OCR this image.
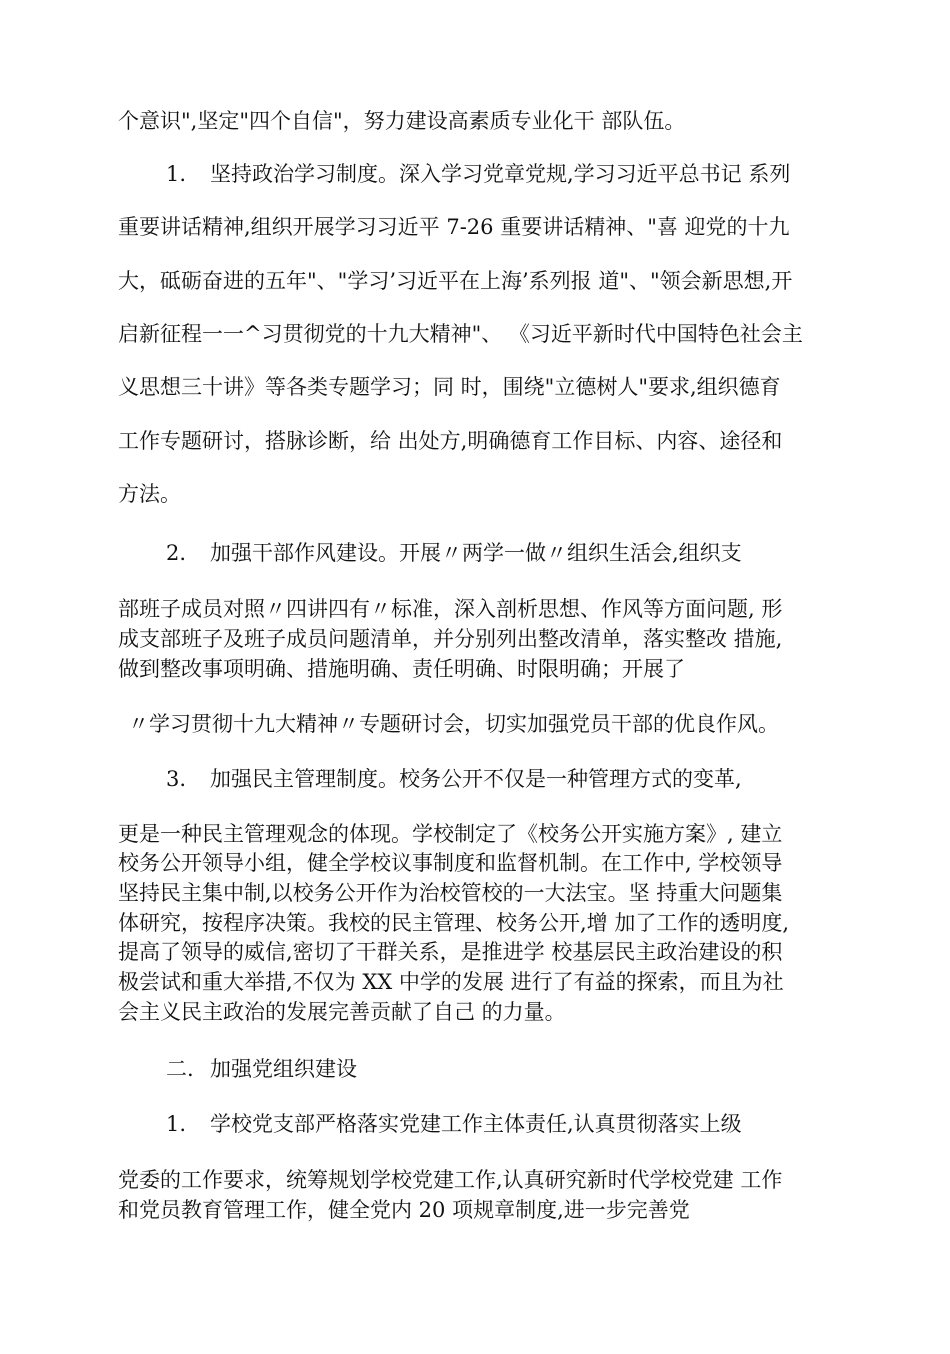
个意识",坚定"四个自信"，努力建设高素质专业化干 部队伍。
1. 坚持政治学习制度。深入学习党章党规,学习习近平总书记 系列
重要讲话精神,组织开展学习习近平 7-26 重要讲话精神、"喜 迎党的十九
大，砥砺奋进的五年"、"学习’习近平在上海’系列报 道"、"领会新思想,开
启新征程一一^习贯彻党的十九大精神"、 《习近平新时代中国特色社会主
义思想三十讲》等各类专题学习；同 时，围绕"立德树人"要求,组织德育
工作专题研讨，搭脉诊断，给 出处方,明确德育工作目标、内容、途径和
方法。
2. 加强干部作风建设。开展〃两学一做〃组织生活会,组织支
部班子成员对照〃四讲四有〃标准，深入剖析思想、作风等方面问题, 形
成支部班子及班子成员问题清单，并分别列出整改清单，落实整改 措施,
做到整改事项明确、措施明确、责任明确、时限明确；开展了
〃学习贯彻十九大精神〃专题研讨会，切实加强党员干部的优良作风。
3. 加强民主管理制度。校务公开不仅是一种管理方式的变革,
更是一种民主管理观念的体现。学校制定了《校务公开实施方案》, 建立
校务公开领导小组，健全学校议事制度和监督机制。在工作中, 学校领导
坚持民主集中制,以校务公开作为治校管校的一大法宝。坚 持重大问题集
体研究，按程序决策。我校的民主管理、校务公开,增 加了工作的透明度,
提高了领导的威信,密切了干群关系，是推进学 校基层民主政治建设的积
极尝试和重大举措,不仅为 XX 中学的发展 进行了有益的探索，而且为社
会主义民主政治的发展完善贡献了自己 的力量。
二. 加强党组织建设
1. 学校党支部严格落实党建工作主体责任,认真贯彻落实上级
党委的工作要求，统筹规划学校党建工作,认真研究新时代学校党建 工作
和党员教育管理工作，健全党内 20 项规章制度,进一步完善党
